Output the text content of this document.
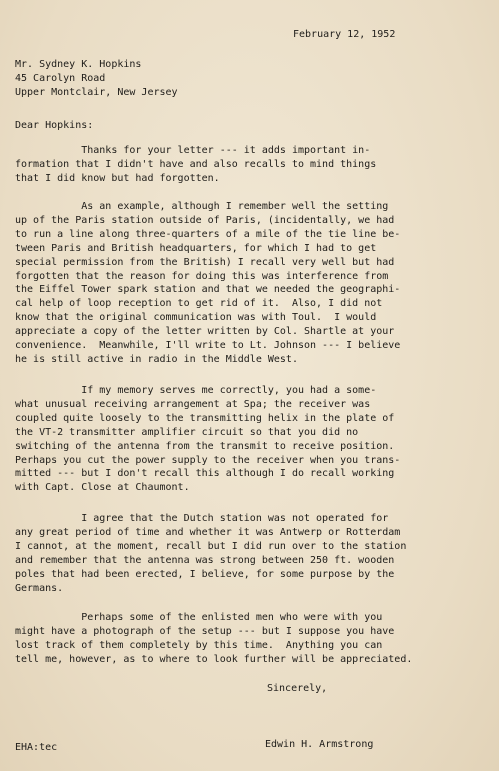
February 12, 1952
Mr. Sydney K. Hopkins
45 Carolyn Road
Upper Montclair, New Jersey
Dear Hopkins:
Thanks for your letter --- it adds important in-
formation that I didn't have and also recalls to mind things
that I did know but had forgotten.
As an example, although I remember well the setting
up of the Paris station outside of Paris, (incidentally, we had
to run a line along three-quarters of a mile of the tie line be-
tween Paris and British headquarters, for which I had to get
special permission from the British) I recall very well but had
forgotten that the reason for doing this was interference from
the Eiffel Tower spark station and that we needed the geographi-
cal help of loop reception to get rid of it.  Also, I did not
know that the original communication was with Toul.  I would
appreciate a copy of the letter written by Col. Shartle at your
convenience.  Meanwhile, I'll write to Lt. Johnson --- I believe
he is still active in radio in the Middle West.
If my memory serves me correctly, you had a some-
what unusual receiving arrangement at Spa; the receiver was
coupled quite loosely to the transmitting helix in the plate of
the VT-2 transmitter amplifier circuit so that you did no
switching of the antenna from the transmit to receive position.
Perhaps you cut the power supply to the receiver when you trans-
mitted --- but I don't recall this although I do recall working
with Capt. Close at Chaumont.
I agree that the Dutch station was not operated for
any great period of time and whether it was Antwerp or Rotterdam
I cannot, at the moment, recall but I did run over to the station
and remember that the antenna was strong between 250 ft. wooden
poles that had been erected, I believe, for some purpose by the
Germans.
Perhaps some of the enlisted men who were with you
might have a photograph of the setup --- but I suppose you have
lost track of them completely by this time.  Anything you can
tell me, however, as to where to look further will be appreciated.
Sincerely,
Edwin H. Armstrong
EHA:tec
